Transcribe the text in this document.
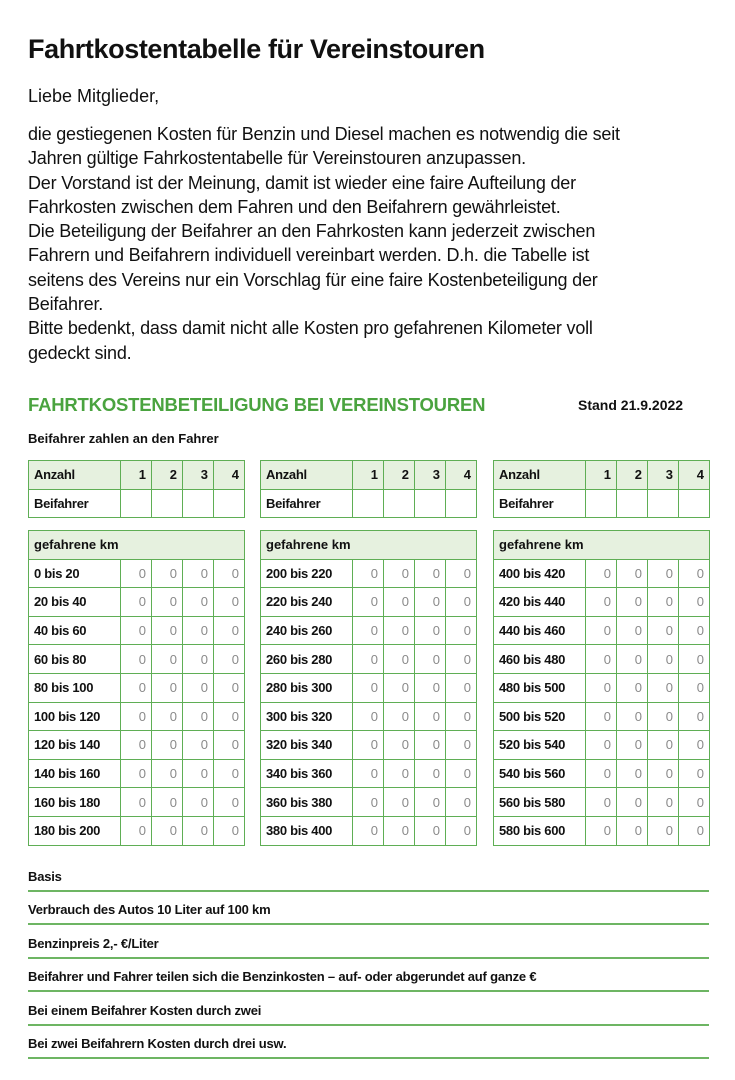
Fahrtkostentabelle für Vereinstouren
Liebe Mitglieder,

die gestiegenen Kosten für Benzin und Diesel machen es notwendig die seit

Jahren gültige Fahrkostentabelle für Vereinstouren anzupassen.

Der Vorstand ist der Meinung, damit ist wieder eine faire Aufteilung der

Fahrkosten zwischen dem Fahren und den Beifahrern gewährleistet.

Die Beteiligung der Beifahrer an den Fahrkosten kann jederzeit zwischen

Fahrern und Beifahrern individuell vereinbart werden. D.h. die Tabelle ist

seitens des Vereins nur ein Vorschlag für eine faire Kostenbeteiligung der

Beifahrer.

Bitte bedenkt, dass damit nicht alle Kosten pro gefahrenen Kilometer voll

gedeckt sind.

FAHRTKOSTENBETEILIGUNG BEI VEREINSTOUREN	Stand 21.9.2022
Beifahrer zahlen an den Fahrer
Anzahl	1	2	3	4
Beifahrer				
gefahrene km				
0 bis 20	0	0	0	0
20 bis 40	0	0	0	0
40 bis 60	0	0	0	0
60 bis 80	0	0	0	0
80 bis 100	0	0	0	0
100 bis 120	0	0	0	0
120 bis 140	0	0	0	0
140 bis 160	0	0	0	0
160 bis 180	0	0	0	0
180 bis 200	0	0	0	0
Anzahl	1	2	3	4
Beifahrer				
gefahrene km				
200 bis 220	0	0	0	0
220 bis 240	0	0	0	0
240 bis 260	0	0	0	0
260 bis 280	0	0	0	0
280 bis 300	0	0	0	0
300 bis 320	0	0	0	0
320 bis 340	0	0	0	0
340 bis 360	0	0	0	0
360 bis 380	0	0	0	0
380 bis 400	0	0	0	0
Anzahl	1	2	3	4
Beifahrer				
gefahrene km				
400 bis 420	0	0	0	0
420 bis 440	0	0	0	0
440 bis 460	0	0	0	0
460 bis 480	0	0	0	0
480 bis 500	0	0	0	0
500 bis 520	0	0	0	0
520 bis 540	0	0	0	0
540 bis 560	0	0	0	0
560 bis 580	0	0	0	0
580 bis 600	0	0	0	0
Basis
Verbrauch des Autos 10 Liter auf 100 km
Benzinpreis 2,- €/Liter
Beifahrer und Fahrer teilen sich die Benzinkosten – auf- oder abgerundet auf ganze €
Bei einem Beifahrer Kosten durch zwei
Bei zwei Beifahrern Kosten durch drei usw.
